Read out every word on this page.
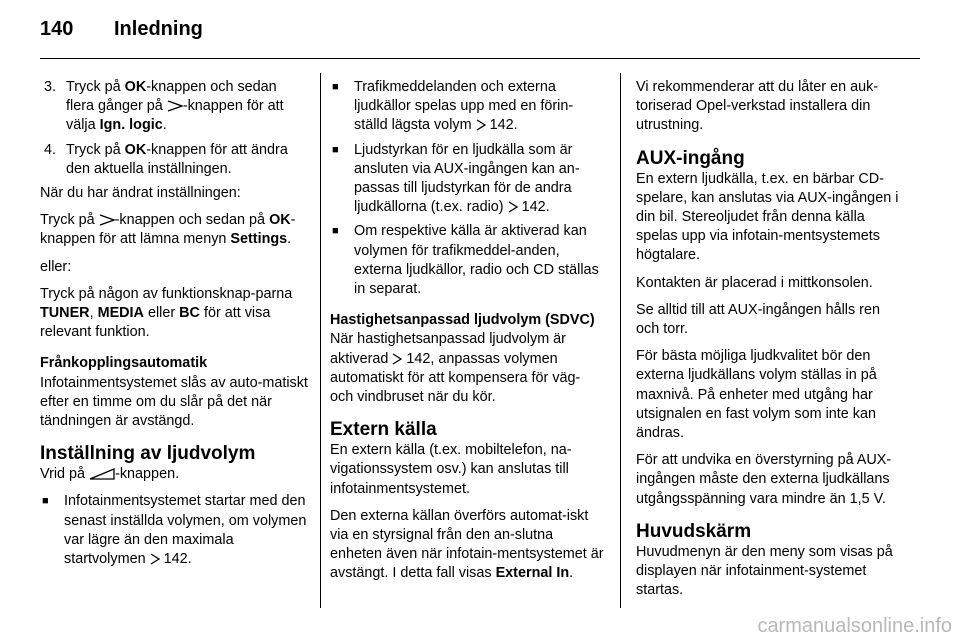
140 Inledning
3. Tryck på OK-knappen och sedan flera gånger på -knappen för att välja Ign. logic.
4. Tryck på OK-knappen för att ändra den aktuella inställningen.

När du har ändrat inställningen:

Tryck på -knappen och sedan på OK-knappen för att lämna menyn Settings.

eller:

Tryck på någon av funktionsknap-parna TUNER, MEDIA eller BC för att visa relevant funktion.

Frånkopplingsautomatik

Infotainmentsystemet slås av auto-matiskt efter en timme om du slår på det när tändningen är avstängd.

Inställning av ljudvolym

Vrid på -knappen.

■ Infotainmentsystemet startar med den senast inställda volymen, om volymen var lägre än den maximala startvolymen  142.
■ Trafikmeddelanden och externa ljudkällor spelas upp med en förin-ställd lägsta volym  142.
■ Ljudstyrkan för en ljudkälla som är ansluten via AUX-ingången kan an-passas till ljudstyrkan för de andra ljudkällorna (t.ex. radio)  142.
■ Om respektive källa är aktiverad kan volymen för trafikmeddel-anden, externa ljudkällor, radio och CD ställas in separat.
Hastighetsanpassad ljudvolym (SDVC)

När hastighetsanpassad ljudvolym är aktiverad  142, anpassas volymen automatiskt för att kompensera för väg- och vindbruset när du kör.

Extern källa

En extern källa (t.ex. mobiltelefon, na-vigationssystem osv.) kan anslutas till infotainmentsystemet.

Den externa källan överförs automat-iskt via en styrsignal från den an-slutna enheten även när infotain-mentsystemet är avstängt. I detta fall visas External In.

Vi rekommenderar att du låter en auk-toriserad Opel-verkstad installera din utrustning.

AUX-ingång

En extern ljudkälla, t.ex. en bärbar CD-spelare, kan anslutas via AUX-ingången i din bil. Stereoljudet från denna källa spelas upp via infotain-mentsystemets högtalare.

Kontakten är placerad i mittkonsolen.

Se alltid till att AUX-ingången hålls ren och torr.

För bästa möjliga ljudkvalitet bör den externa ljudkällans volym ställas in på maxnivå. På enheter med utgång har utsignalen en fast volym som inte kan ändras.

För att undvika en överstyrning på AUX-ingången måste den externa ljudkällans utgångsspänning vara mindre än 1,5 V.

Huvudskärm

Huvudmenyn är den meny som visas på displayen när infotainment-systemet startas.

carmanualsonline.info
